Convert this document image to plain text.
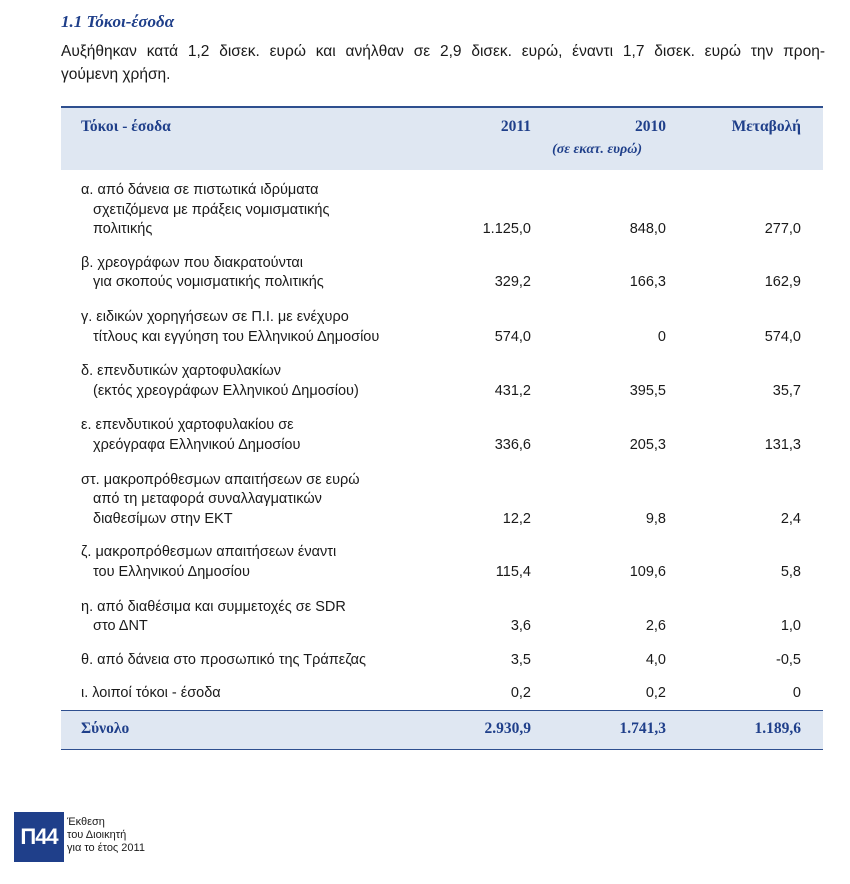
1.1 Τόκοι-έσοδα
Αυξήθηκαν κατά 1,2 δισεκ. ευρώ και ανήλθαν σε 2,9 δισεκ. ευρώ, έναντι 1,7 δισεκ. ευρώ την προη-
γούμενη χρήση.
Τόκοι - έσοδα	2011	2010	Μεταβολή
(σε εκατ. ευρώ)
α. από δάνεια σε πιστωτικά ιδρύματα
σχετιζόμενα με πράξεις νομισματικής
πολιτικής	1.125,0	848,0	277,0
β. χρεογράφων που διακρατούνται
για σκοπούς νομισματικής πολιτικής	329,2	166,3	162,9
γ. ειδικών χορηγήσεων σε Π.Ι. με ενέχυρο
τίτλους και εγγύηση του Ελληνικού Δημοσίου	574,0	0	574,0
δ. επενδυτικών χαρτοφυλακίων
(εκτός χρεογράφων Ελληνικού Δημοσίου)	431,2	395,5	35,7
ε. επενδυτικού χαρτοφυλακίου σε
χρεόγραφα Ελληνικού Δημοσίου	336,6	205,3	131,3
στ. μακροπρόθεσμων απαιτήσεων σε ευρώ
από τη μεταφορά συναλλαγματικών
διαθεσίμων στην ΕΚΤ	12,2	9,8	2,4
ζ. μακροπρόθεσμων απαιτήσεων έναντι
του Ελληνικού Δημοσίου	115,4	109,6	5,8
η. από διαθέσιμα και συμμετοχές σε SDR
στο ΔΝΤ	3,6	2,6	1,0
θ. από δάνεια στο προσωπικό της Τράπεζας	3,5	4,0	-0,5
ι. λοιποί τόκοι - έσοδα	0,2	0,2	0
Σύνολο	2.930,9	1.741,3	1.189,6
Π44
Έκθεση
του Διοικητή
για το έτος 2011
